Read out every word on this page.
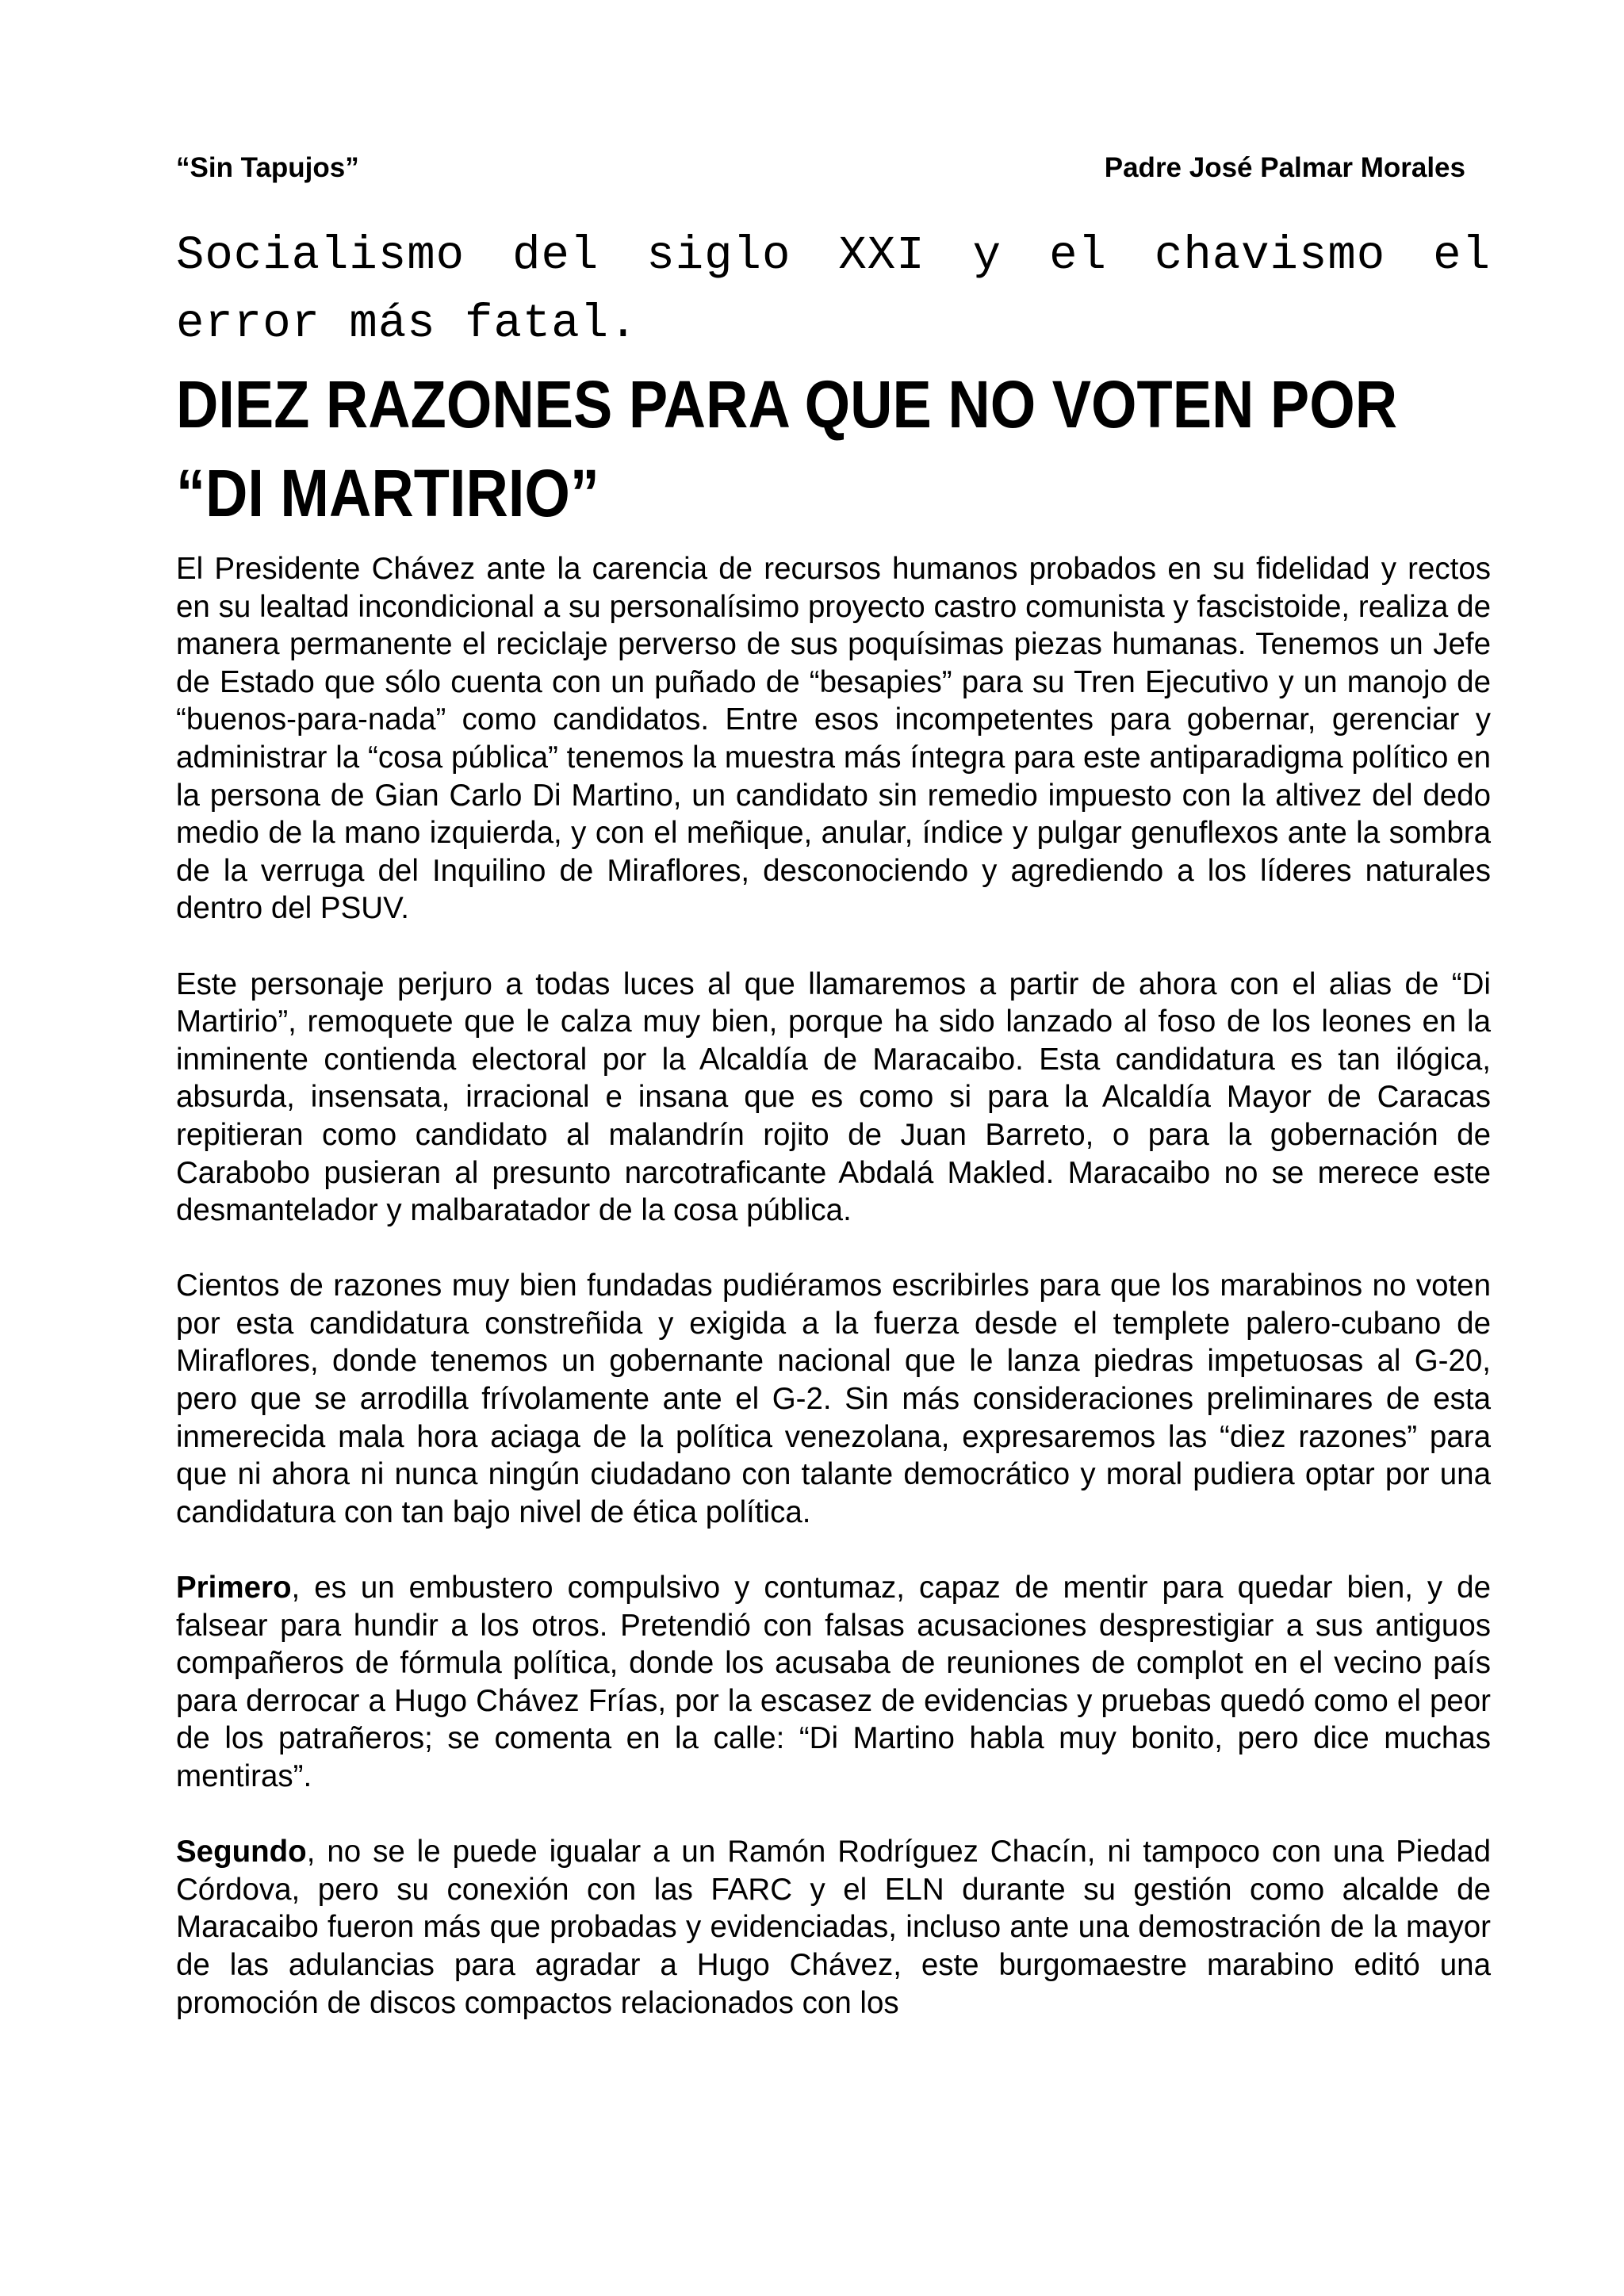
“Sin Tapujos”	Padre José Palmar Morales
Socialismo del siglo XXI y el chavismo el error más fatal.
DIEZ RAZONES PARA QUE NO VOTEN POR
“DI MARTIRIO”

El Presidente Chávez ante la carencia de recursos humanos probados en su fidelidad y rectos en su lealtad incondicional a su personalísimo proyecto castro comunista y fascistoide, realiza de manera permanente el reciclaje perverso de sus poquísimas piezas humanas. Tenemos un Jefe de Estado que sólo cuenta con un puñado de “besapies” para su Tren Ejecutivo y un manojo de “buenos-para-nada” como candidatos. Entre esos incompetentes para gobernar, gerenciar y administrar la “cosa pública” tenemos la muestra más íntegra para este antiparadigma político en la persona de Gian Carlo Di Martino, un candidato sin remedio impuesto con la altivez del dedo medio de la mano izquierda, y con el meñique, anular, índice y pulgar genuflexos ante la sombra de la verruga del Inquilino de Miraflores, desconociendo y agrediendo a los líderes naturales dentro del PSUV.

Este personaje perjuro a todas luces al que llamaremos a partir de ahora con el alias de “Di Martirio”, remoquete que le calza muy bien, porque ha sido lanzado al foso de los leones en la inminente contienda electoral por la Alcaldía de Maracaibo. Esta candidatura es tan ilógica, absurda, insensata, irracional e insana que es como si para la Alcaldía Mayor de Caracas repitieran como candidato al malandrín rojito de Juan Barreto, o para la gobernación de Carabobo pusieran al presunto narcotraficante Abdalá Makled. Maracaibo no se merece este desmantelador y malbaratador de la cosa pública.

Cientos de razones muy bien fundadas pudiéramos escribirles para que los marabinos no voten por esta candidatura constreñida y exigida a la fuerza desde el templete palero-cubano de Miraflores, donde tenemos un gobernante nacional que le lanza piedras impetuosas al G-20, pero que se arrodilla frívolamente ante el G-2. Sin más consideraciones preliminares de esta inmerecida mala hora aciaga de la política venezolana, expresaremos las “diez razones” para que ni ahora ni nunca ningún ciudadano con talante democrático y moral pudiera optar por una candidatura con tan bajo nivel de ética política.

Primero, es un embustero compulsivo y contumaz, capaz de mentir para quedar bien, y de falsear para hundir a los otros. Pretendió con falsas acusaciones desprestigiar a sus antiguos compañeros de fórmula política, donde los acusaba de reuniones de complot en el vecino país para derrocar a Hugo Chávez Frías, por la escasez de evidencias y pruebas quedó como el peor de los patrañeros; se comenta en la calle: “Di Martino habla muy bonito, pero dice muchas mentiras”.

Segundo, no se le puede igualar a un Ramón Rodríguez Chacín, ni tampoco con una Piedad Córdova, pero su conexión con las FARC y el ELN durante su gestión como alcalde de Maracaibo fueron más que probadas y evidenciadas, incluso ante una demostración de la mayor de las adulancias para agradar a Hugo Chávez, este burgomaestre marabino editó una promoción de discos compactos relacionados con los
